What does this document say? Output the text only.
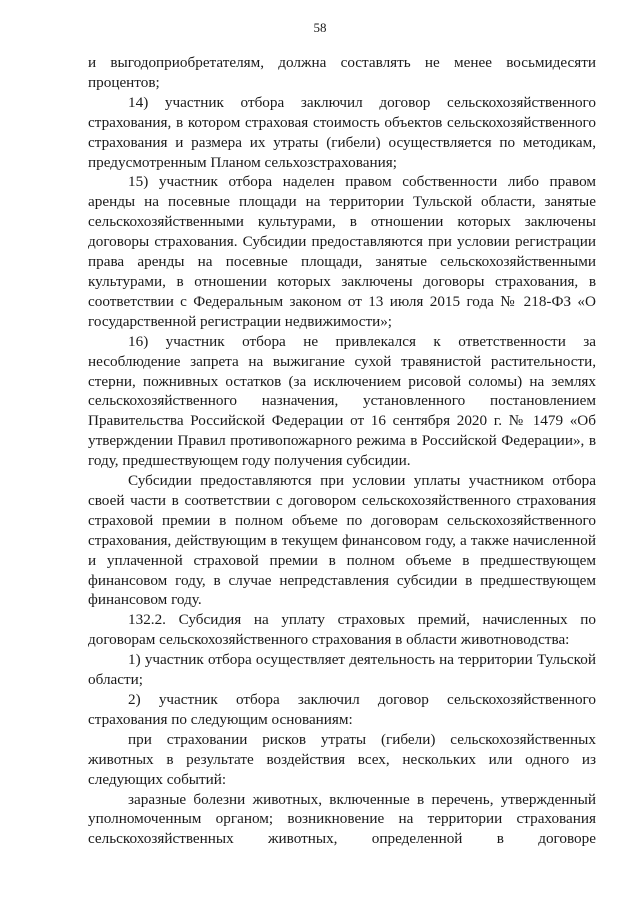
58

и выгодоприобретателям, должна составлять не менее восьмидесяти процентов;

14) участник отбора заключил договор сельскохозяйственного страхования, в котором страховая стоимость объектов сельскохозяйственного страхования и размера их утраты (гибели) осуществляется по методикам, предусмотренным Планом сельхозстрахования;

15) участник отбора наделен правом собственности либо правом аренды на посевные площади на территории Тульской области, занятые сельскохозяйственными культурами, в отношении которых заключены договоры страхования. Субсидии предоставляются при условии регистрации права аренды на посевные площади, занятые сельскохозяйственными культурами, в отношении которых заключены договоры страхования, в соответствии с Федеральным законом от 13 июля 2015 года № 218-ФЗ «О государственной регистрации недвижимости»;

16) участник отбора не привлекался к ответственности за несоблюдение запрета на выжигание сухой травянистой растительности, стерни, пожнивных остатков (за исключением рисовой соломы) на землях сельскохозяйственного назначения, установленного постановлением Правительства Российской Федерации от 16 сентября 2020 г. № 1479 «Об утверждении Правил противопожарного режима в Российской Федерации», в году, предшествующем году получения субсидии.

Субсидии предоставляются при условии уплаты участником отбора своей части в соответствии с договором сельскохозяйственного страхования страховой премии в полном объеме по договорам сельскохозяйственного страхования, действующим в текущем финансовом году, а также начисленной и уплаченной страховой премии в полном объеме в предшествующем финансовом году, в случае непредставления субсидии в предшествующем финансовом году.

132.2. Субсидия на уплату страховых премий, начисленных по договорам сельскохозяйственного страхования в области животноводства:

1) участник отбора осуществляет деятельность на территории Тульской области;

2) участник отбора заключил договор сельскохозяйственного страхования по следующим основаниям:

при страховании рисков утраты (гибели) сельскохозяйственных животных в результате воздействия всех, нескольких или одного из следующих событий:

заразные болезни животных, включенные в перечень, утвержденный уполномоченным органом; возникновение на территории страхования сельскохозяйственных животных, определенной в договоре
